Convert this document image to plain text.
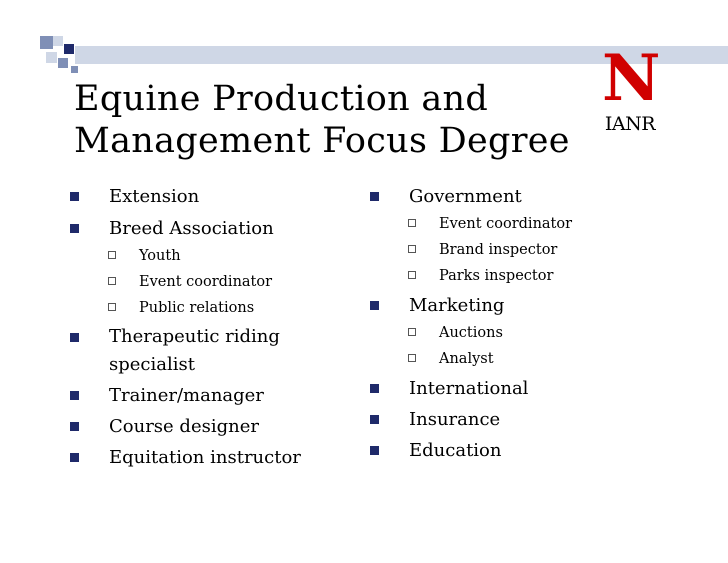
N
IANR
Equine Production and
Management Focus Degree
Extension
Breed Association
Youth
Event coordinator
Public relations
Therapeutic riding specialist
Trainer/manager
Course designer
Equitation instructor
Government
Event coordinator
Brand inspector
Parks inspector
Marketing
Auctions
Analyst
International
Insurance
Education
